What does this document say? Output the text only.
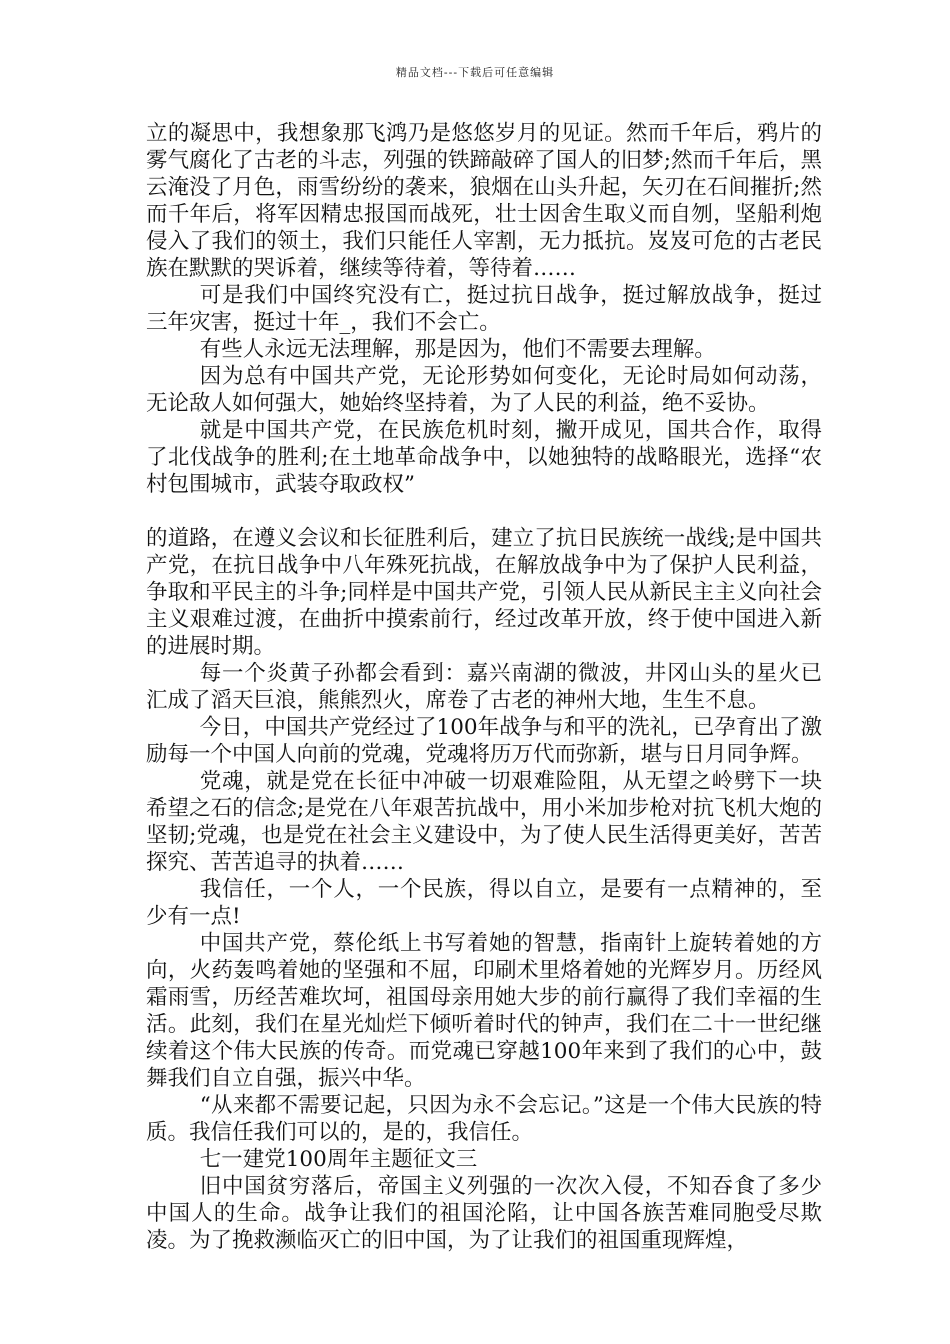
精品文档---下载后可任意编辑

立的凝思中，我想象那飞鸿乃是悠悠岁月的见证。然而千年后，鸦片的雾气腐化了古老的斗志，列强的铁蹄敲碎了国人的旧梦;然而千年后，黑云淹没了月色，雨雪纷纷的袭来，狼烟在山头升起，矢刃在石间摧折;然而千年后，将军因精忠报国而战死，壮士因舍生取义而自刎，坚船利炮侵入了我们的领土，我们只能任人宰割，无力抵抗。岌岌可危的古老民族在默默的哭诉着，继续等待着，等待着……

可是我们中国终究没有亡，挺过抗日战争，挺过解放战争，挺过三年灾害，挺过十年_，我们不会亡。

有些人永远无法理解，那是因为，他们不需要去理解。

因为总有中国共产党，无论形势如何变化，无论时局如何动荡，无论敌人如何强大，她始终坚持着，为了人民的利益，绝不妥协。

就是中国共产党，在民族危机时刻，撇开成见，国共合作，取得了北伐战争的胜利;在土地革命战争中，以她独特的战略眼光，选择“农村包围城市，武装夺取政权”

的道路，在遵义会议和长征胜利后，建立了抗日民族统一战线;是中国共产党，在抗日战争中八年殊死抗战，在解放战争中为了保护人民利益，争取和平民主的斗争;同样是中国共产党，引领人民从新民主主义向社会主义艰难过渡，在曲折中摸索前行，经过改革开放，终于使中国进入新的进展时期。

每一个炎黄子孙都会看到：嘉兴南湖的微波，井冈山头的星火已汇成了滔天巨浪，熊熊烈火，席卷了古老的神州大地，生生不息。

今日，中国共产党经过了100年战争与和平的洗礼，已孕育出了激励每一个中国人向前的党魂，党魂将历万代而弥新，堪与日月同争辉。

党魂，就是党在长征中冲破一切艰难险阻，从无望之岭劈下一块希望之石的信念;是党在八年艰苦抗战中，用小米加步枪对抗飞机大炮的坚韧;党魂，也是党在社会主义建设中，为了使人民生活得更美好，苦苦探究、苦苦追寻的执着……

我信任，一个人，一个民族，得以自立，是要有一点精神的，至少有一点!

中国共产党，蔡伦纸上书写着她的智慧，指南针上旋转着她的方向，火药轰鸣着她的坚强和不屈，印刷术里烙着她的光辉岁月。历经风霜雨雪，历经苦难坎坷，祖国母亲用她大步的前行赢得了我们幸福的生活。此刻，我们在星光灿烂下倾听着时代的钟声，我们在二十一世纪继续着这个伟大民族的传奇。而党魂已穿越100年来到了我们的心中，鼓舞我们自立自强，振兴中华。

“从来都不需要记起，只因为永不会忘记。”这是一个伟大民族的特质。我信任我们可以的，是的，我信任。

七一建党100周年主题征文三

旧中国贫穷落后，帝国主义列强的一次次入侵，不知吞食了多少中国人的生命。战争让我们的祖国沦陷，让中国各族苦难同胞受尽欺凌。为了挽救濒临灭亡的旧中国，为了让我们的祖国重现辉煌，
